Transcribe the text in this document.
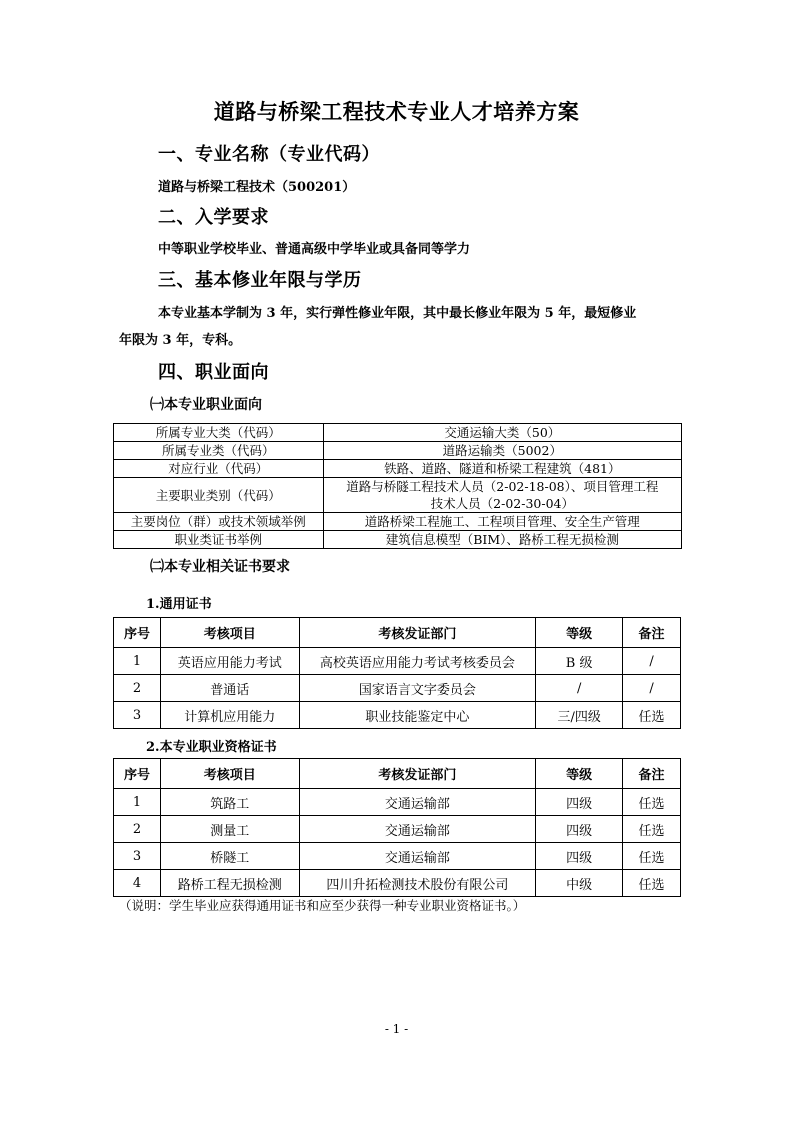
道路与桥梁工程技术专业人才培养方案
一、专业名称（专业代码）
道路与桥梁工程技术（500201）
二、入学要求
中等职业学校毕业、普通高级中学毕业或具备同等学力
三、基本修业年限与学历
本专业基本学制为 3 年，实行弹性修业年限，其中最长修业年限为 5 年，最短修业
年限为 3 年，专科。
四、职业面向
㈠本专业职业面向
所属专业大类（代码）	交通运输大类（50）
所属专业类（代码）	道路运输类（5002）
对应行业（代码）	铁路、道路、隧道和桥梁工程建筑（481）
主要职业类别（代码）	道路与桥隧工程技术人员（2-02-18-08）、项目管理工程
技术人员（2-02-30-04）

主要岗位（群）或技术领域举例	道路桥梁工程施工、工程项目管理、安全生产管理
职业类证书举例	建筑信息模型（BIM）、路桥工程无损检测
㈡本专业相关证书要求
1.通用证书
序号	考核项目	考核发证部门	等级	备注
1	英语应用能力考试	高校英语应用能力考试考核委员会	B 级	/
2	普通话	国家语言文字委员会	/	/
3	计算机应用能力	职业技能鉴定中心	三/四级	任选
2.本专业职业资格证书
序号	考核项目	考核发证部门	等级	备注
1	筑路工	交通运输部	四级	任选
2	测量工	交通运输部	四级	任选
3	桥隧工	交通运输部	四级	任选
4	路桥工程无损检测	四川升拓检测技术股份有限公司	中级	任选
（说明：学生毕业应获得通用证书和应至少获得一种专业职业资格证书。）
- 1 -
